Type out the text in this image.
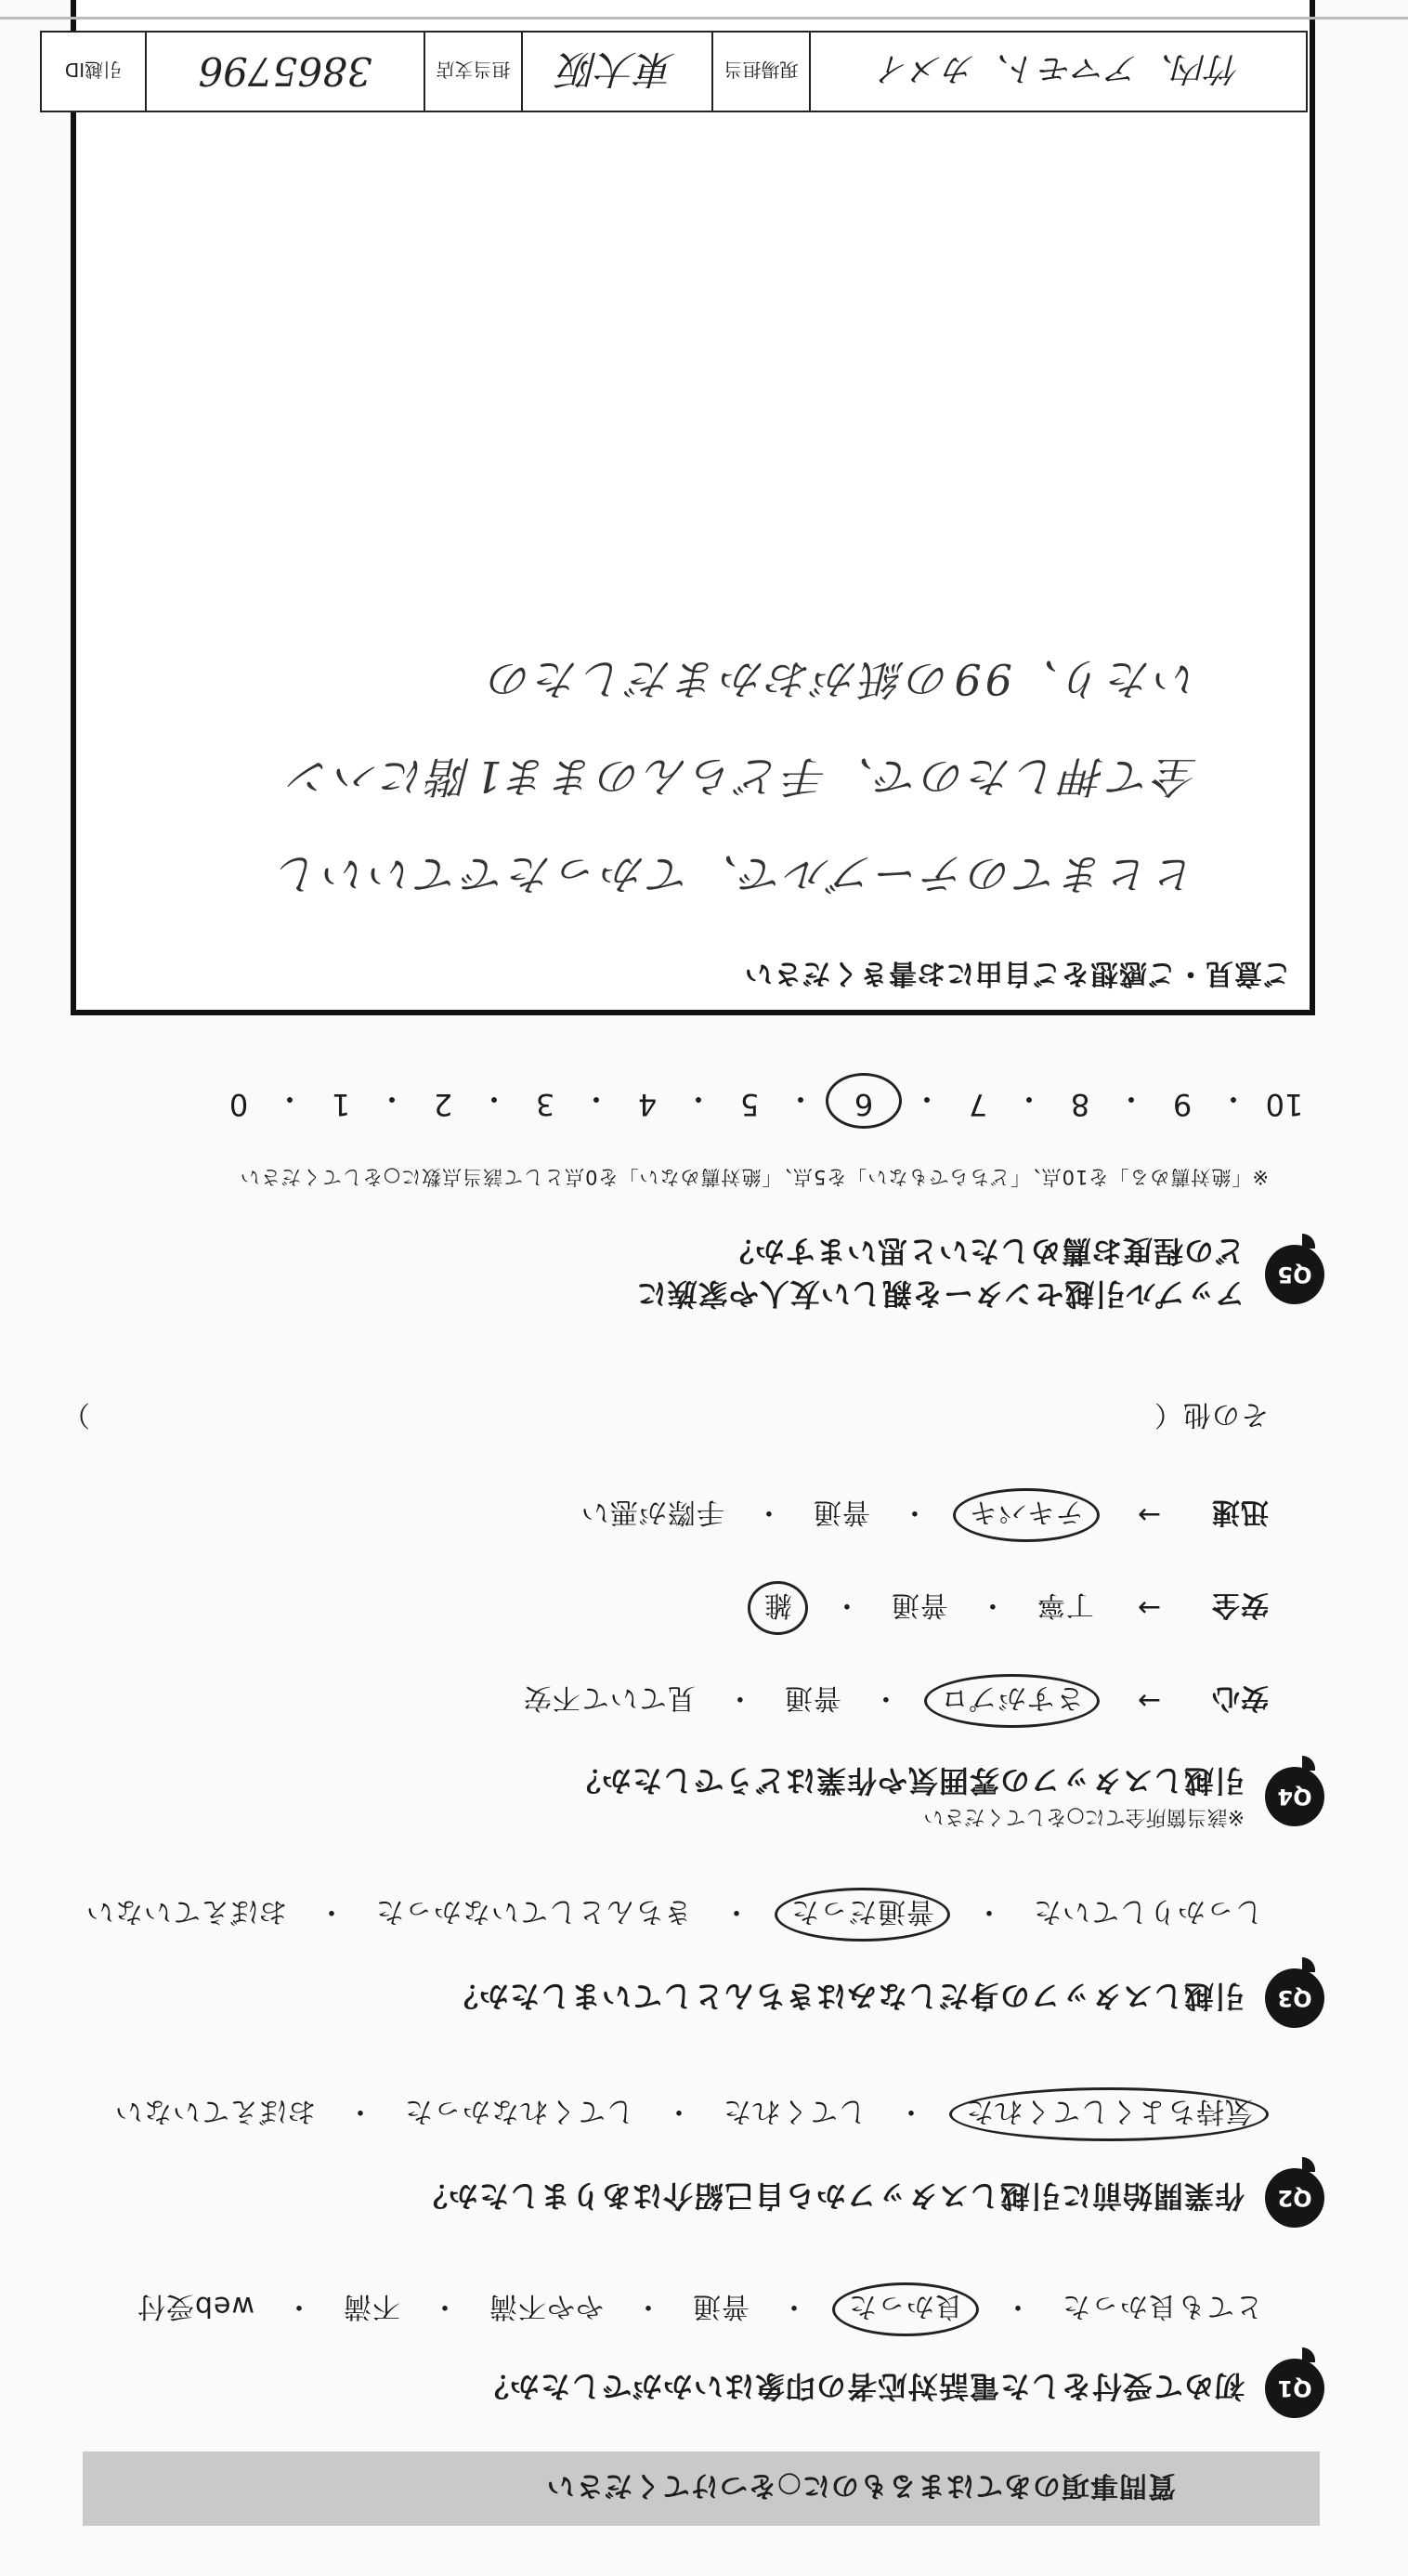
質問事項のあてはまるものに○をつけてください
Q1
初めて受付をした電話対応者の印象はいかがでしたか？
とても良かった
・
良かった
・
普通
・
やや不満
・
不満
・
web受付
Q2
作業開始前に引越しスタッフから自己紹介はありましたか？
気持ちよくしてくれた
・
してくれた
・
してくれなかった
・
おぼえていない
Q3
引越しスタッフの身だしなみはきちんとしていましたか？
しっかりしていた
・
普通だった
・
きちんとしていなかった
・
おぼえていない
Q4
※該当箇所全てに○をしてください
引越しスタッフの雰囲気や作業はどうでしたか？
安心
→
さすがプロ
・
普通
・
見ていて不安
安全
→
丁寧
・
普通
・
雑
迅速
→
テキパキ
・
普通
・
手際が悪い
その他（
）
Q5
アップル引越センターを親しい友人や家族に
どの程度お薦めしたいと思いますか？
※「絶対薦める」を10点、「どちらでもない」を5点、「絶対薦めない」を0点として該当点数に○をしてください
10
・
9
・
8
・
7
・
6
・
5
・
4
・
3
・
2
・
1
・
0
ご意見・ご感想をご自由にお書きください
ヒヒまてのテーブルで、てかったでていいし
全て押したので、手どらんのまま1階にハン
いたり、99の紙がおかまだしたの
竹内、アマモト、カメイ
現場担当
東大阪
担当支店
3865796
引越ID
